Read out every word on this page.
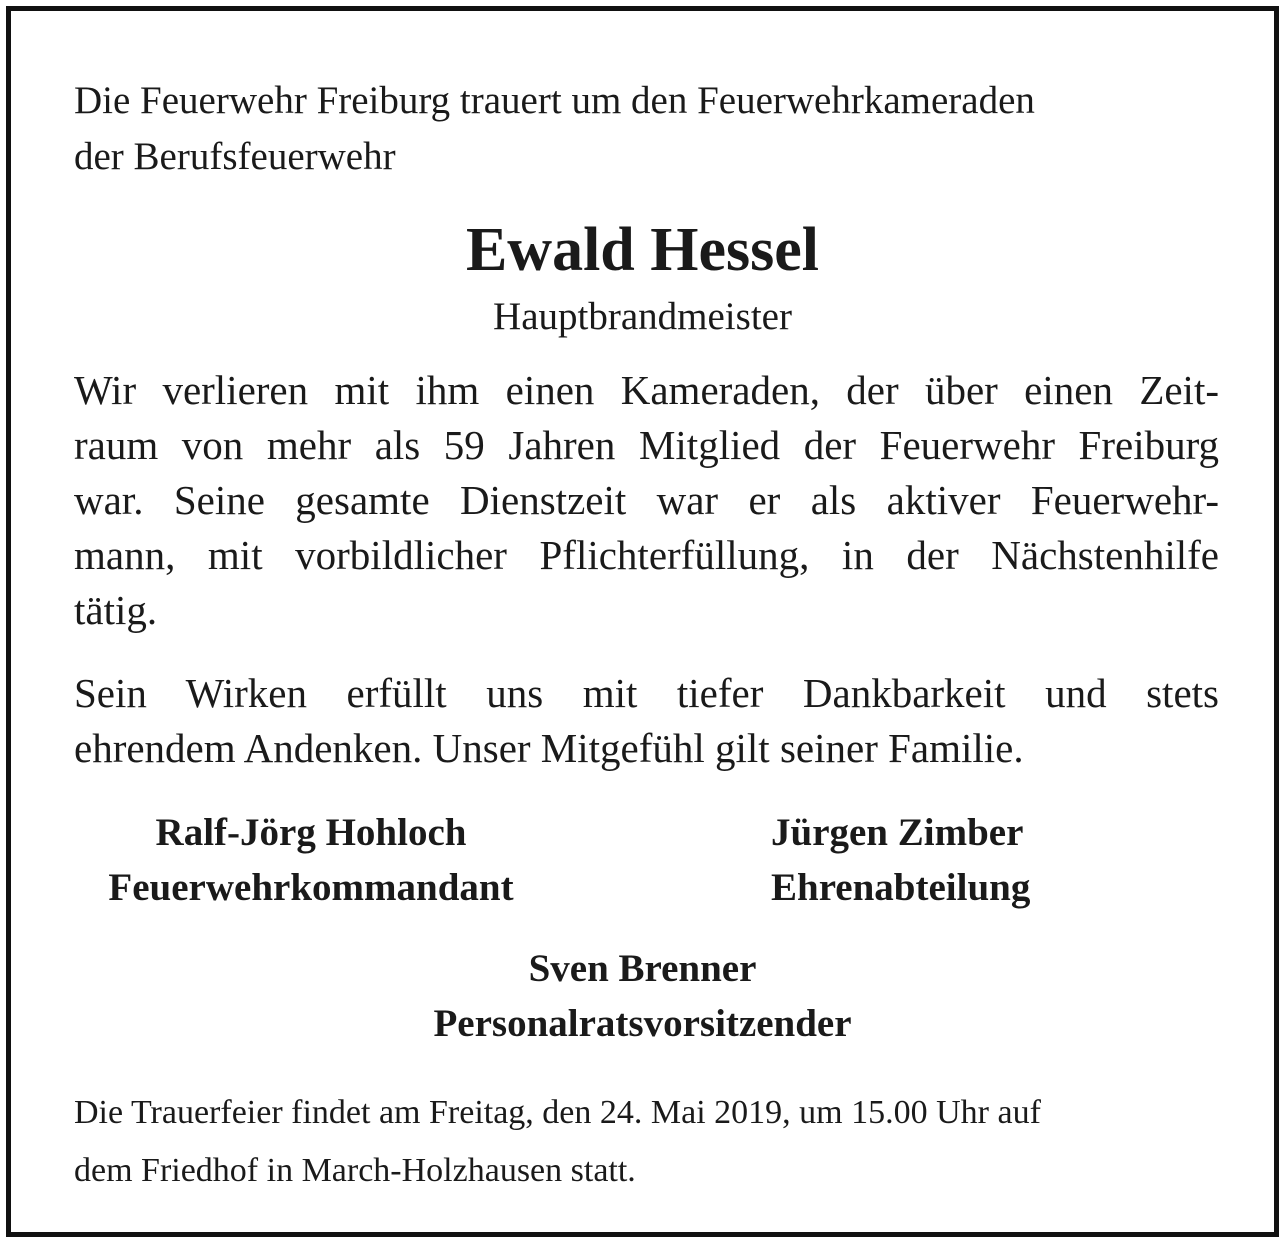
Die Feuerwehr Freiburg trauert um den Feuerwehrkameraden
der Berufsfeuerwehr

Ewald Hessel

Hauptbrandmeister

Wir verlieren mit ihm einen Kameraden, der über einen Zeit-
raum von mehr als 59 Jahren Mitglied der Feuerwehr Freiburg
war. Seine gesamte Dienstzeit war er als aktiver Feuerwehr-
mann, mit vorbildlicher Pflichterfüllung, in der Nächstenhilfe
tätig.

Sein Wirken erfüllt uns mit tiefer Dankbarkeit und stets
ehrendem Andenken. Unser Mitgefühl gilt seiner Familie.

Ralf-Jörg Hohloch
Feuerwehrkommandant

Jürgen Zimber
Ehrenabteilung

Sven Brenner
Personalratsvorsitzender

Die Trauerfeier findet am Freitag, den 24. Mai 2019, um 15.00 Uhr auf
dem Friedhof in March-Holzhausen statt.
